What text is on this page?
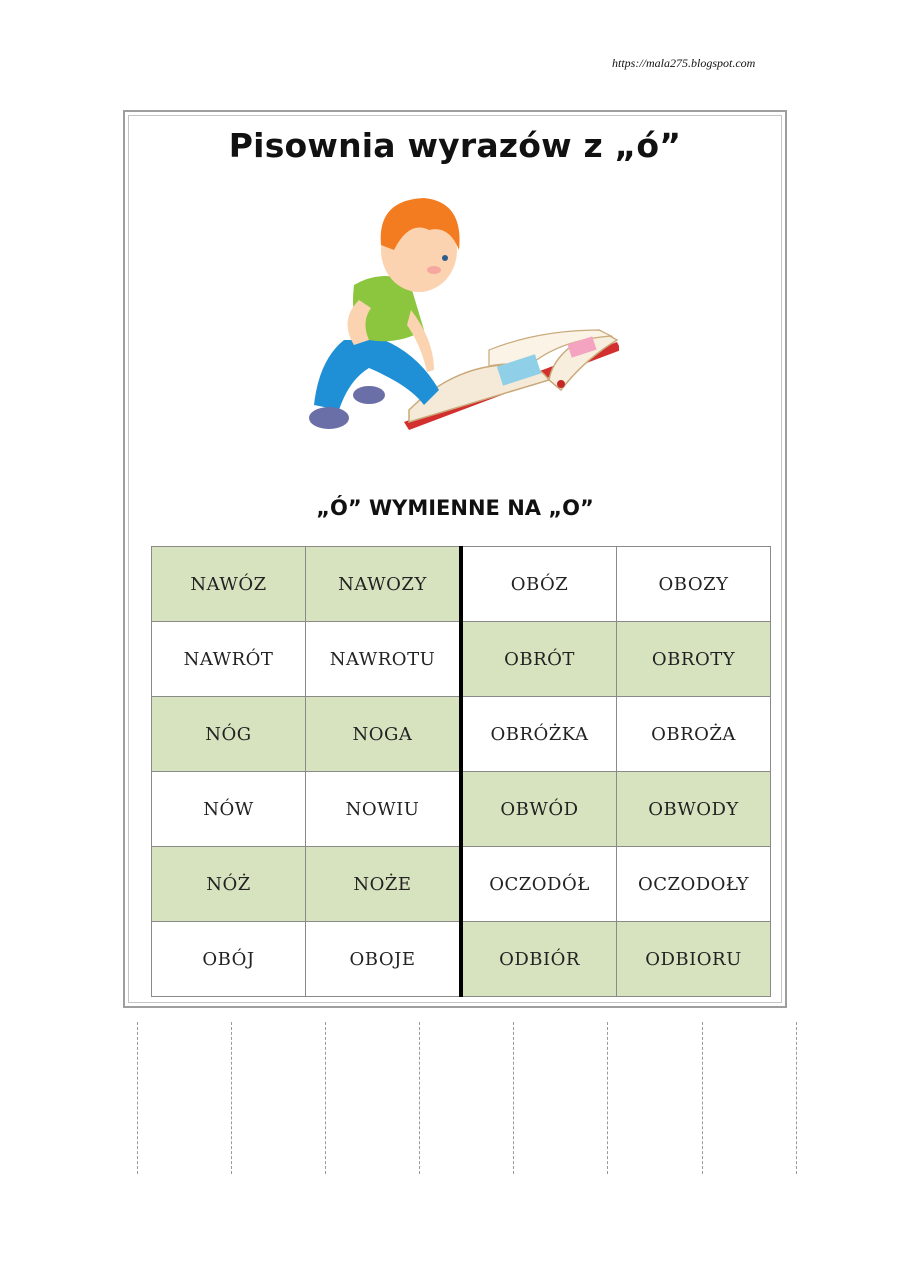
https://mala275.blogspot.com
Pisownia wyrazów z „ó”
„Ó” WYMIENNE NA „O”
NAWÓZ	NAWOZY	OBÓZ	OBOZY
NAWRÓT	NAWROTU	OBRÓT	OBROTY
NÓG	NOGA	OBRÓŻKA	OBROŻA
NÓW	NOWIU	OBWÓD	OBWODY
NÓŻ	NOŻE	OCZODÓŁ	OCZODOŁY
OBÓJ	OBOJE	ODBIÓR	ODBIORU
